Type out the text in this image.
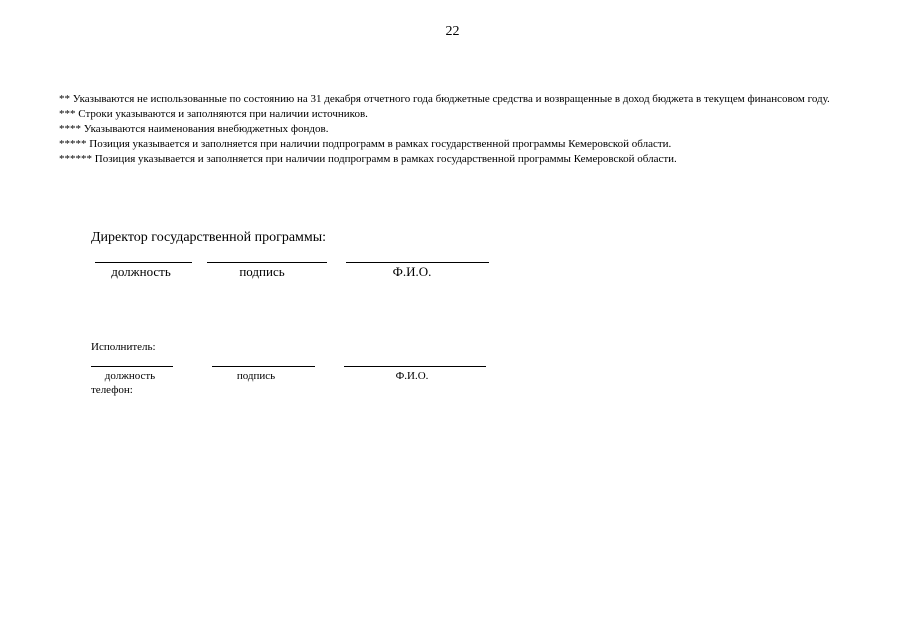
22

** Указываются не использованные по состоянию на 31 декабря отчетного года бюджетные средства и возвращенные в доход бюджета в текущем финансовом году.

*** Строки указываются и заполняются при наличии источников.

**** Указываются наименования внебюджетных фондов.

***** Позиция указывается и заполняется при наличии подпрограмм в рамках государственной программы Кемеровской области.

****** Позиция указывается и заполняется при наличии подпрограмм в рамках государственной программы Кемеровской области.

Директор государственной программы:
должность	подпись	Ф.И.О.
Исполнитель:
должность	подпись	Ф.И.О.
телефон:
